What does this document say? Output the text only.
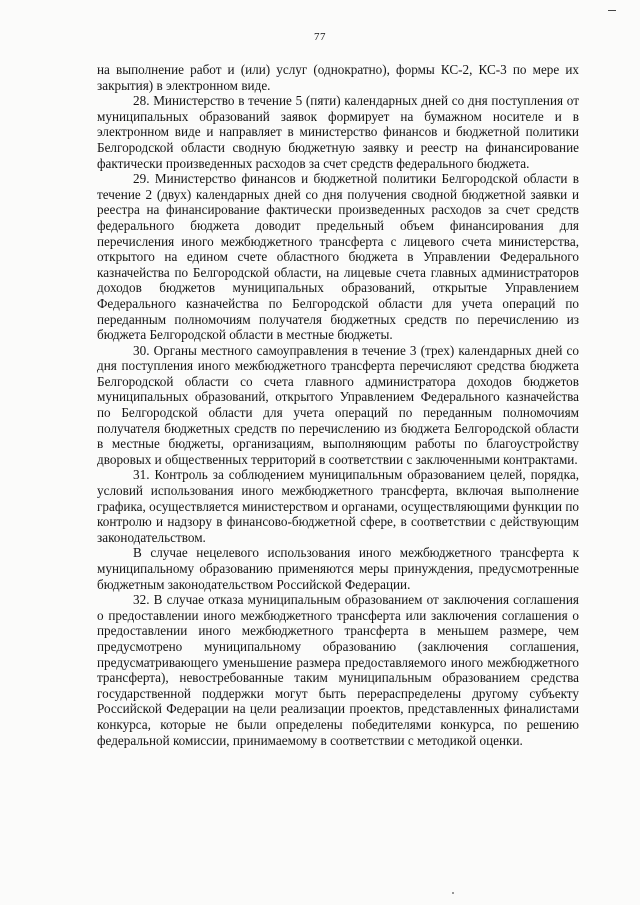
77

на выполнение работ и (или) услуг (однократно), формы КС-2, КС-3 по мере их закрытия) в электронном виде.

28. Министерство в течение 5 (пяти) календарных дней со дня поступления от муниципальных образований заявок формирует на бумажном носителе и в электронном виде и направляет в министерство финансов и бюджетной политики Белгородской области сводную бюджетную заявку и реестр на финансирование фактически произведенных расходов за счет средств федерального бюджета.

29. Министерство финансов и бюджетной политики Белгородской области в течение 2 (двух) календарных дней со дня получения сводной бюджетной заявки и реестра на финансирование фактически произведенных расходов за счет средств федерального бюджета доводит предельный объем финансирования для перечисления иного межбюджетного трансферта с лицевого счета министерства, открытого на едином счете областного бюджета в Управлении Федерального казначейства по Белгородской области, на лицевые счета главных администраторов доходов бюджетов муниципальных образований, открытые Управлением Федерального казначейства по Белгородской области для учета операций по переданным полномочиям получателя бюджетных средств по перечислению из бюджета Белгородской области в местные бюджеты.

30. Органы местного самоуправления в течение 3 (трех) календарных дней со дня поступления иного межбюджетного трансферта перечисляют средства бюджета Белгородской области со счета главного администратора доходов бюджетов муниципальных образований, открытого Управлением Федерального казначейства по Белгородской области для учета операций по переданным полномочиям получателя бюджетных средств по перечислению из бюджета Белгородской области в местные бюджеты, организациям, выполняющим работы по благоустройству дворовых и общественных территорий в соответствии с заключенными контрактами.

31. Контроль за соблюдением муниципальным образованием целей, порядка, условий использования иного межбюджетного трансферта, включая выполнение графика, осуществляется министерством и органами, осуществляющими функции по контролю и надзору в финансово-бюджетной сфере, в соответствии с действующим законодательством.

В случае нецелевого использования иного межбюджетного трансферта к муниципальному образованию применяются меры принуждения, предусмотренные бюджетным законодательством Российской Федерации.

32. В случае отказа муниципальным образованием от заключения соглашения о предоставлении иного межбюджетного трансферта или заключения соглашения о предоставлении иного межбюджетного трансферта в меньшем размере, чем предусмотрено муниципальному образованию (заключения соглашения, предусматривающего уменьшение размера предоставляемого иного межбюджетного трансферта), невостребованные таким муниципальным образованием средства государственной поддержки могут быть перераспределены другому субъекту Российской Федерации на цели реализации проектов, представленных финалистами конкурса, которые не были определены победителями конкурса, по решению федеральной комиссии, принимаемому в соответствии с методикой оценки.
